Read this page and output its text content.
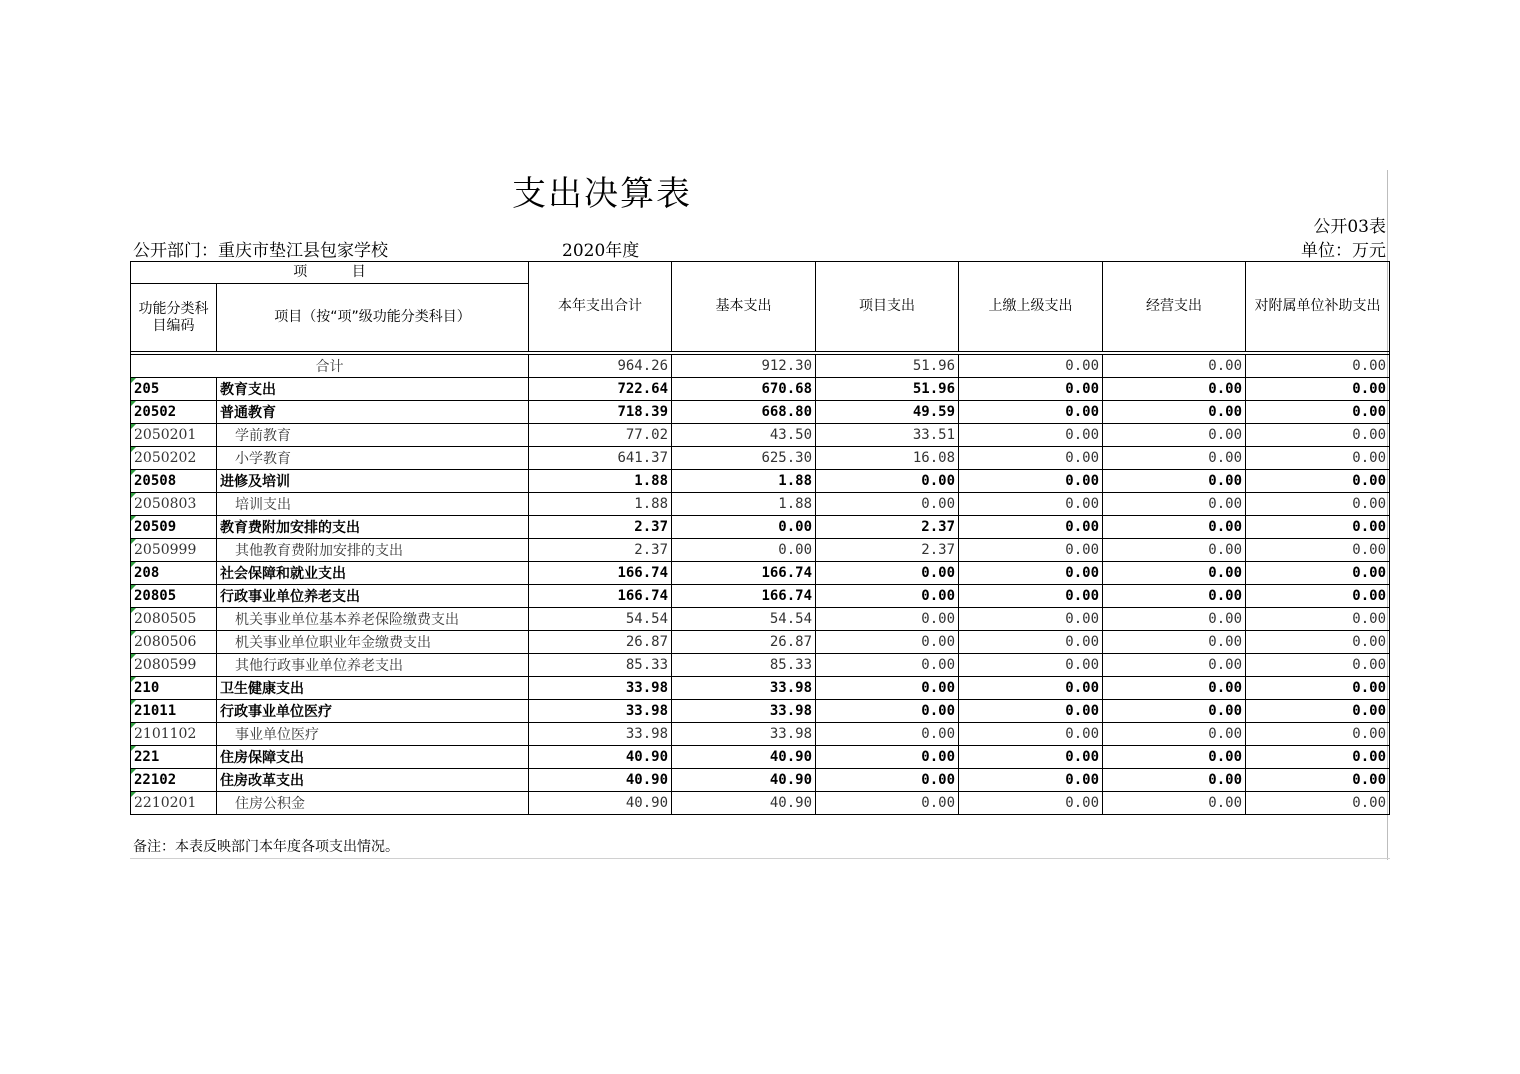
支出决算表
公开03表
公开部门：重庆市垫江县包家学校	2020年度	单位：万元
项          目		本年支出合计	基本支出	项目支出	上缴上级支出	经营支出	对附属单位补助支出
功能分类科目编码	项目（按“项”级功能分类科目）						

合计		964.26	912.30	51.96	0.00	0.00	0.00
205	教育支出	722.64	670.68	51.96	0.00	0.00	0.00
20502	普通教育	718.39	668.80	49.59	0.00	0.00	0.00
2050201	学前教育	77.02	43.50	33.51	0.00	0.00	0.00
2050202	小学教育	641.37	625.30	16.08	0.00	0.00	0.00
20508	进修及培训	1.88	1.88	0.00	0.00	0.00	0.00
2050803	培训支出	1.88	1.88	0.00	0.00	0.00	0.00
20509	教育费附加安排的支出	2.37	0.00	2.37	0.00	0.00	0.00
2050999	其他教育费附加安排的支出	2.37	0.00	2.37	0.00	0.00	0.00
208	社会保障和就业支出	166.74	166.74	0.00	0.00	0.00	0.00
20805	行政事业单位养老支出	166.74	166.74	0.00	0.00	0.00	0.00
2080505	机关事业单位基本养老保险缴费支出	54.54	54.54	0.00	0.00	0.00	0.00
2080506	机关事业单位职业年金缴费支出	26.87	26.87	0.00	0.00	0.00	0.00
2080599	其他行政事业单位养老支出	85.33	85.33	0.00	0.00	0.00	0.00
210	卫生健康支出	33.98	33.98	0.00	0.00	0.00	0.00
21011	行政事业单位医疗	33.98	33.98	0.00	0.00	0.00	0.00
2101102	事业单位医疗	33.98	33.98	0.00	0.00	0.00	0.00
221	住房保障支出	40.90	40.90	0.00	0.00	0.00	0.00
22102	住房改革支出	40.90	40.90	0.00	0.00	0.00	0.00
2210201	住房公积金	40.90	40.90	0.00	0.00	0.00	0.00
备注：本表反映部门本年度各项支出情况。
